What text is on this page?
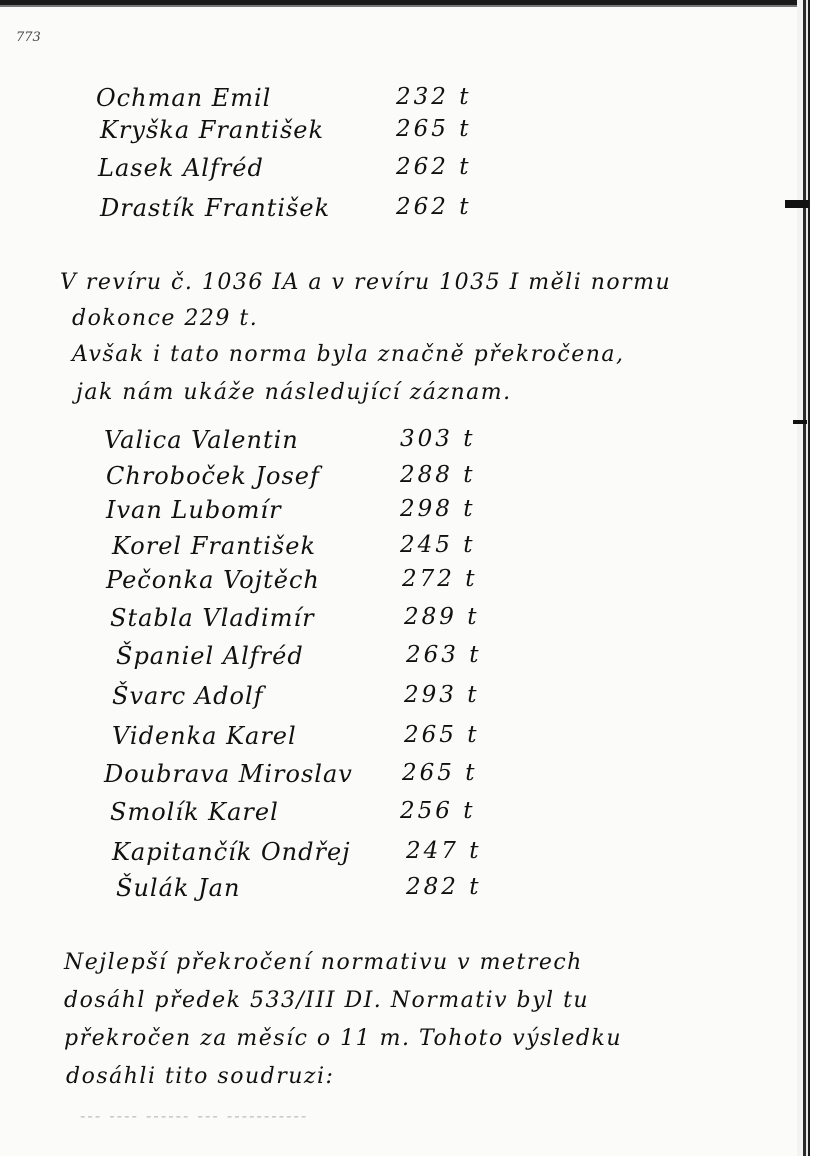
773
Ochman Emil	232 t
Kryška František	265 t
Lasek Alfréd	262 t
Drastík František	262 t
V revíru č. 1036 IA a v revíru 1035 I měli normu
dokonce 229 t.
Avšak i tato norma byla značně překročena,
jak nám ukáže následující záznam.
Valica Valentin	303 t
Chroboček Josef	288 t
Ivan Lubomír	298 t
Korel František	245 t
Pečonka Vojtěch	272 t
Stabla Vladimír	289 t
Španiel Alfréd	263 t
Švarc Adolf	293 t
Videnka Karel	265 t
Doubrava Miroslav 265 t
Smolík Karel	256 t
Kapitančík Ondřej 247 t
Šulák Jan	282 t
Nejlepší překročení normativu v metrech
dosáhl předek 533/III DI. Normativ byl tu
překročen za měsíc o 11 m. Tohoto výsledku
dosáhli tito soudruzi:
--- ---- ------ --- -----------
